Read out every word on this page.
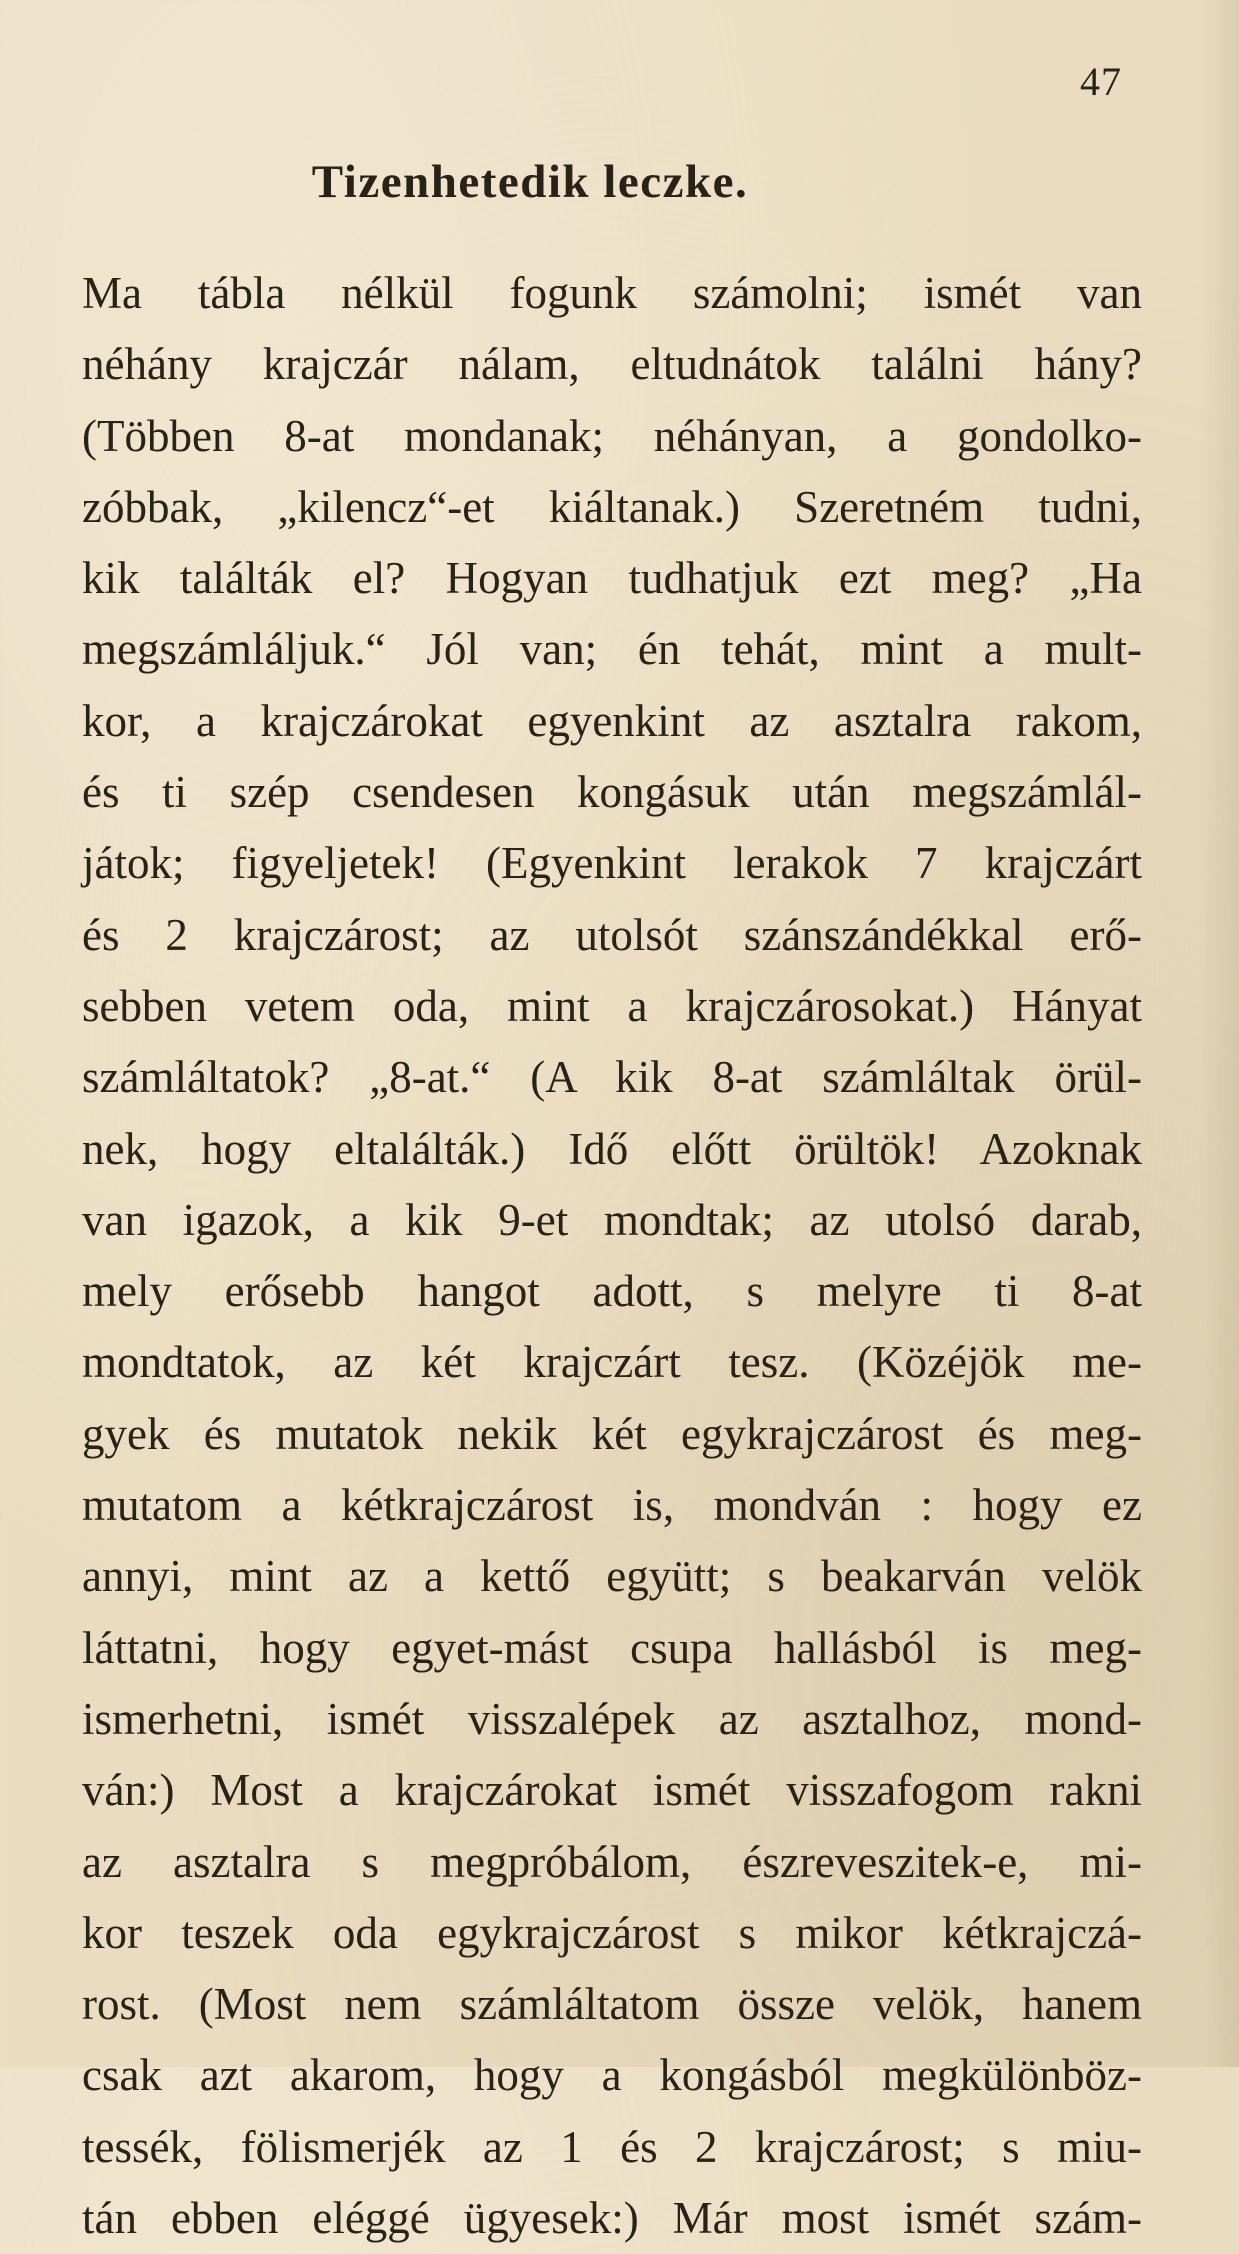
47
Tizenhetedik leczke.
Ma tábla nélkül fogunk számolni; ismét van
néhány krajczár nálam, eltudnátok találni hány?
(Többen 8-at mondanak; néhányan, a gondolko-
zóbbak, „kilencz“-et kiáltanak.) Szeretném tudni,
kik találták el? Hogyan tudhatjuk ezt meg? „Ha
megszámláljuk.“ Jól van; én tehát, mint a mult-
kor, a krajczárokat egyenkint az asztalra rakom,
és ti szép csendesen kongásuk után megszámlál-
játok; figyeljetek! (Egyenkint lerakok 7 krajczárt
és 2 krajczárost; az utolsót szánszándékkal erő-
sebben vetem oda, mint a krajczárosokat.) Hányat
számláltatok? „8-at.“ (A kik 8-at számláltak örül-
nek, hogy eltalálták.) Idő előtt örültök! Azoknak
van igazok, a kik 9-et mondtak; az utolsó darab,
mely erősebb hangot adott, s melyre ti 8-at
mondtatok, az két krajczárt tesz. (Közéjök me-
gyek és mutatok nekik két egykrajczárost és meg-
mutatom a kétkrajczárost is, mondván : hogy ez
annyi, mint az a kettő együtt; s beakarván velök
láttatni, hogy egyet-mást csupa hallásból is meg-
ismerhetni, ismét visszalépek az asztalhoz, mond-
ván:) Most a krajczárokat ismét visszafogom rakni
az asztalra s megpróbálom, észreveszitek-e, mi-
kor teszek oda egykrajczárost s mikor kétkrajczá-
rost. (Most nem számláltatom össze velök, hanem
csak azt akarom, hogy a kongásból megkülönböz-
tessék, fölismerjék az 1 és 2 krajczárost; s miu-
tán ebben eléggé ügyesek:) Már most ismét szám-
